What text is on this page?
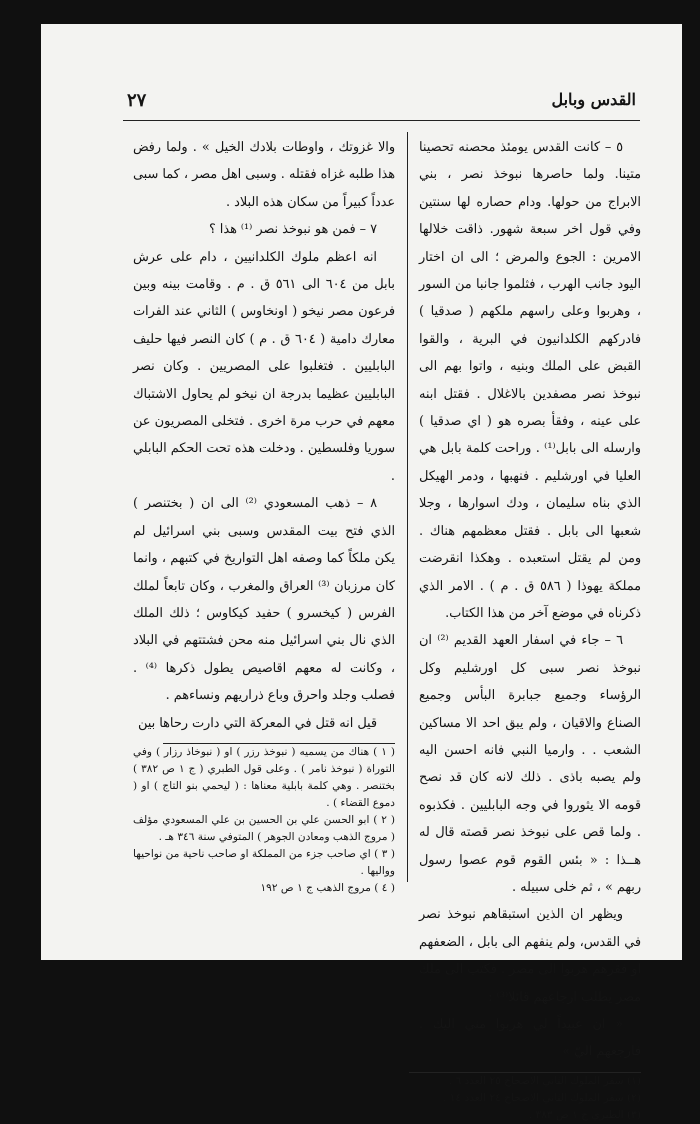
القدس وبابل
٢٧

٥ – كانت القدس يومئذ محصنه تحصينا متينا. ولما حاصرها نبوخذ نصر ، بني الابراج من حولها. ودام حصاره لها سنتين وفي قول اخر سبعة شهور. ذاقت خلالها الامرين : الجوع والمرض ؛ الى ان اختار اليود جانب الهرب ، فثلموا جانبا من السور ، وهربوا وعلى راسهم ملكهم ( صدقيا ) فادركهم الكلدانيون في البرية ، والقوا القبض على الملك وبنيه ، واتوا بهم الى نبوخذ نصر مصفدين بالاغلال . فقتل ابنه على عينه ، وفقأ بصره هو ( اي صدقيا ) وارسله الى بابل⁽¹⁾ . وراحت كلمة بابل هي العليا في اورشليم . فنهبها ، ودمر الهيكل الذي بناه سليمان ، ودك اسوارها ، وجلا شعبها الى بابل . فقتل معظمهم هناك . ومن لم يقتل استعبده . وهكذا انقرضت مملكة يهوذا ( ٥٨٦ ق . م ) . الامر الذي ذكرناه في موضع آخر من هذا الكتاب.

٦ – جاء في اسفار العهد القديم ⁽²⁾ ان نبوخذ نصر سبى كل اورشليم وكل الرؤساء وجميع جبابرة البأس وجميع الصناع والاقيان ، ولم يبق احد الا مساكين الشعب . . وارميا النبي فانه احسن اليه ولم يصبه باذى . ذلك لانه كان قد نصح قومه الا يثوروا في وجه البابليين . فكذبوه . ولما قص على نبوخذ نصر قصته قال له هــذا : « بئس القوم قوم عصوا رسول ربهم » ، ثم خلى سبيله .

ويظهر ان الذين استبقاهم نبوخذ نصر في القدس، ولم ينفهم الى بابل ، الضعفهم او فقرهم هربوا الى مصر . فكتب الى ملك مصر يطلب ارجاعهم قائلا⁽³⁾ :

« ان عبيداً لي هربوا مني اليك . فارجعهم اليّ »

(١) سفر الملوك الثاني الاصحاح ٢٥ العدد ٦ .

(٢) سفر الملوك الثاني الاصحاح ٢٤ العدد ١٤ .

(٣) الطبري ج ١ ص ٣٨٣ .

والا غزوتك ، واوطات بلادك الخيل » . ولما رفض هذا طلبه غزاه فقتله . وسبى اهل مصر ، كما سبى عدداً كبيراً من سكان هذه البلاد .

٧ – فمن هو نبوخذ نصر ⁽¹⁾ هذا ؟

انه اعظم ملوك الكلدانيين ، دام على عرش بابل من ٦٠٤ الى ٥٦١ ق . م . وقامت بينه وبين فرعون مصر نيخو ( اونخاوس ) الثاني عند الفرات معارك دامية ( ٦٠٤ ق . م ) كان النصر فيها حليف البابليين . فتغلبوا على المصريين . وكان نصر البابليين عظيما بدرجة ان نيخو لم يحاول الاشتباك معهم في حرب مرة اخرى . فتخلى المصريون عن سوريا وفلسطين . ودخلت هذه تحت الحكم البابلي .

٨ – ذهب المسعودي ⁽²⁾ الى ان ( بختنصر ) الذي فتح بيت المقدس وسبى بني اسرائيل لم يكن ملكاً كما وصفه اهل التواريخ في كتبهم ، وانما كان مرزبان ⁽³⁾ العراق والمغرب ، وكان تابعاً لملك الفرس ( كيخسرو ) حفيد كيكاوس ؛ ذلك الملك الذي نال بني اسرائيل منه محن فشتتهم في البلاد ، وكانت له معهم اقاصيص يطول ذكرها ⁽⁴⁾ . فصلب وجلد واحرق وباع ذراريهم ونساءهم .

قيل انه قتل في المعركة التي دارت رحاها بين

( ١ ) هناك من يسميه ( نبوخذ رزر ) او ( نبوخاذ رزار ) وفي التوراة ( نبوخذ نامر ) . وعلى قول الطبري ( ج ١ ص ٣٨٢ ) بختنصر . وهي كلمة بابلية معناها : ( ليحمي بنو التاج ) او ( دموع القضاء ) .

( ٢ ) ابو الحسن علي بن الحسين بن علي المسعودي مؤلف ( مروج الذهب ومعادن الجوهر ) المتوفي سنة ٣٤٦ هـ .

( ٣ ) اي صاحب جزء من المملكة او صاحب ناحية من نواحيها وواليها .

( ٤ ) مروج الذهب ج ١ ص ١٩٢
